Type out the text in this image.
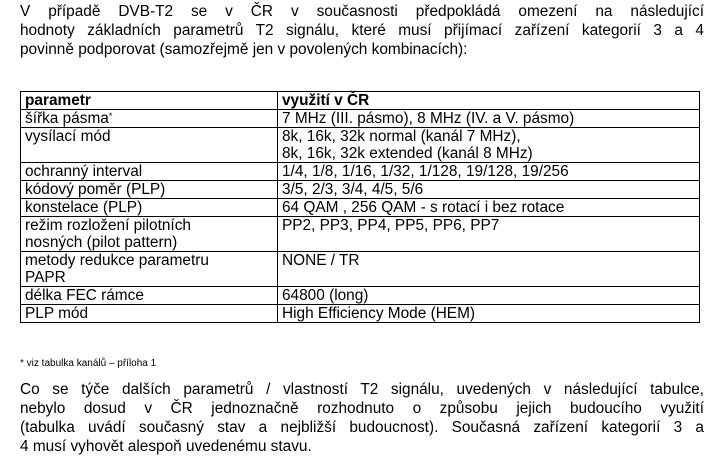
V případě DVB-T2 se v ČR v současnosti předpokládá omezení na následující
hodnoty základních parametrů T2 signálu, které musí přijímací zařízení kategorií 3 a 4
povinně podporovat (samozřejmě jen v povolených kombinacích):
parametr	využití v ČR

šířka pásma*	7 MHz (III. pásmo), 8 MHz (IV. a V. pásmo)

vysílací mód	8k, 16k, 32k normal (kanál 7 MHz),
8k, 16k, 32k extended (kanál 8 MHz)

ochranný interval	1/4, 1/8, 1/16, 1/32, 1/128, 19/128, 19/256

kódový poměr (PLP)	3/5, 2/3, 3/4, 4/5, 5/6

konstelace (PLP)	64 QAM , 256 QAM - s rotací i bez rotace

režim rozložení pilotních
nosných (pilot pattern)	PP2, PP3, PP4, PP5, PP6, PP7

metody redukce parametru
PAPR	NONE / TR

délka FEC rámce	64800 (long)

PLP mód	High Efficiency Mode (HEM)
* viz tabulka kanálů – příloha 1
Co se týče dalších parametrů / vlastností T2 signálu, uvedených v následující tabulce,
nebylo dosud v ČR jednoznačně rozhodnuto o způsobu jejich budoucího využití
(tabulka uvádí současný stav a nejbližší budoucnost). Současná zařízení kategorií 3 a
4 musí vyhovět alespoň uvedenému stavu.
